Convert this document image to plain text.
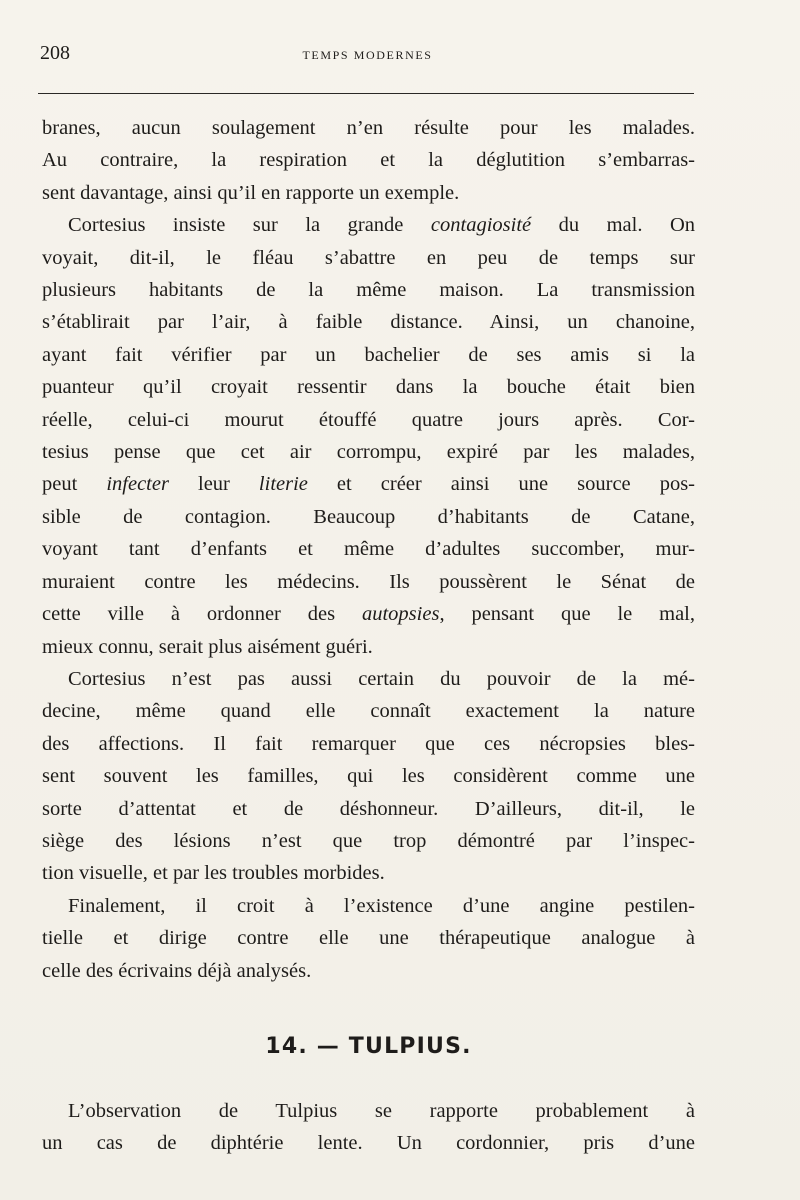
208	TEMPS MODERNES

branes, aucun soulagement n’en résulte pour les malades.
Au contraire, la respiration et la déglutition s’embarras-
sent davantage, ainsi qu’il en rapporte un exemple.

Cortesius insiste sur la grande contagiosité du mal. On
voyait, dit-il, le fléau s’abattre en peu de temps sur
plusieurs habitants de la même maison. La transmission
s’établirait par l’air, à faible distance. Ainsi, un chanoine,
ayant fait vérifier par un bachelier de ses amis si la
puanteur qu’il croyait ressentir dans la bouche était bien
réelle, celui-ci mourut étouffé quatre jours après. Cor-
tesius pense que cet air corrompu, expiré par les malades,
peut infecter leur literie et créer ainsi une source pos-
sible de contagion. Beaucoup d’habitants de Catane,
voyant tant d’enfants et même d’adultes succomber, mur-
muraient contre les médecins. Ils poussèrent le Sénat de
cette ville à ordonner des autopsies, pensant que le mal,
mieux connu, serait plus aisément guéri.

Cortesius n’est pas aussi certain du pouvoir de la mé-
decine, même quand elle connaît exactement la nature
des affections. Il fait remarquer que ces nécropsies bles-
sent souvent les familles, qui les considèrent comme une
sorte d’attentat et de déshonneur. D’ailleurs, dit-il, le
siège des lésions n’est que trop démontré par l’inspec-
tion visuelle, et par les troubles morbides.

Finalement, il croit à l’existence d’une angine pestilen-
tielle et dirige contre elle une thérapeutique analogue à
celle des écrivains déjà analysés.

14. — TULPIUS.
L’observation de Tulpius se rapporte probablement à
un cas de diphtérie lente. Un cordonnier, pris d’une
